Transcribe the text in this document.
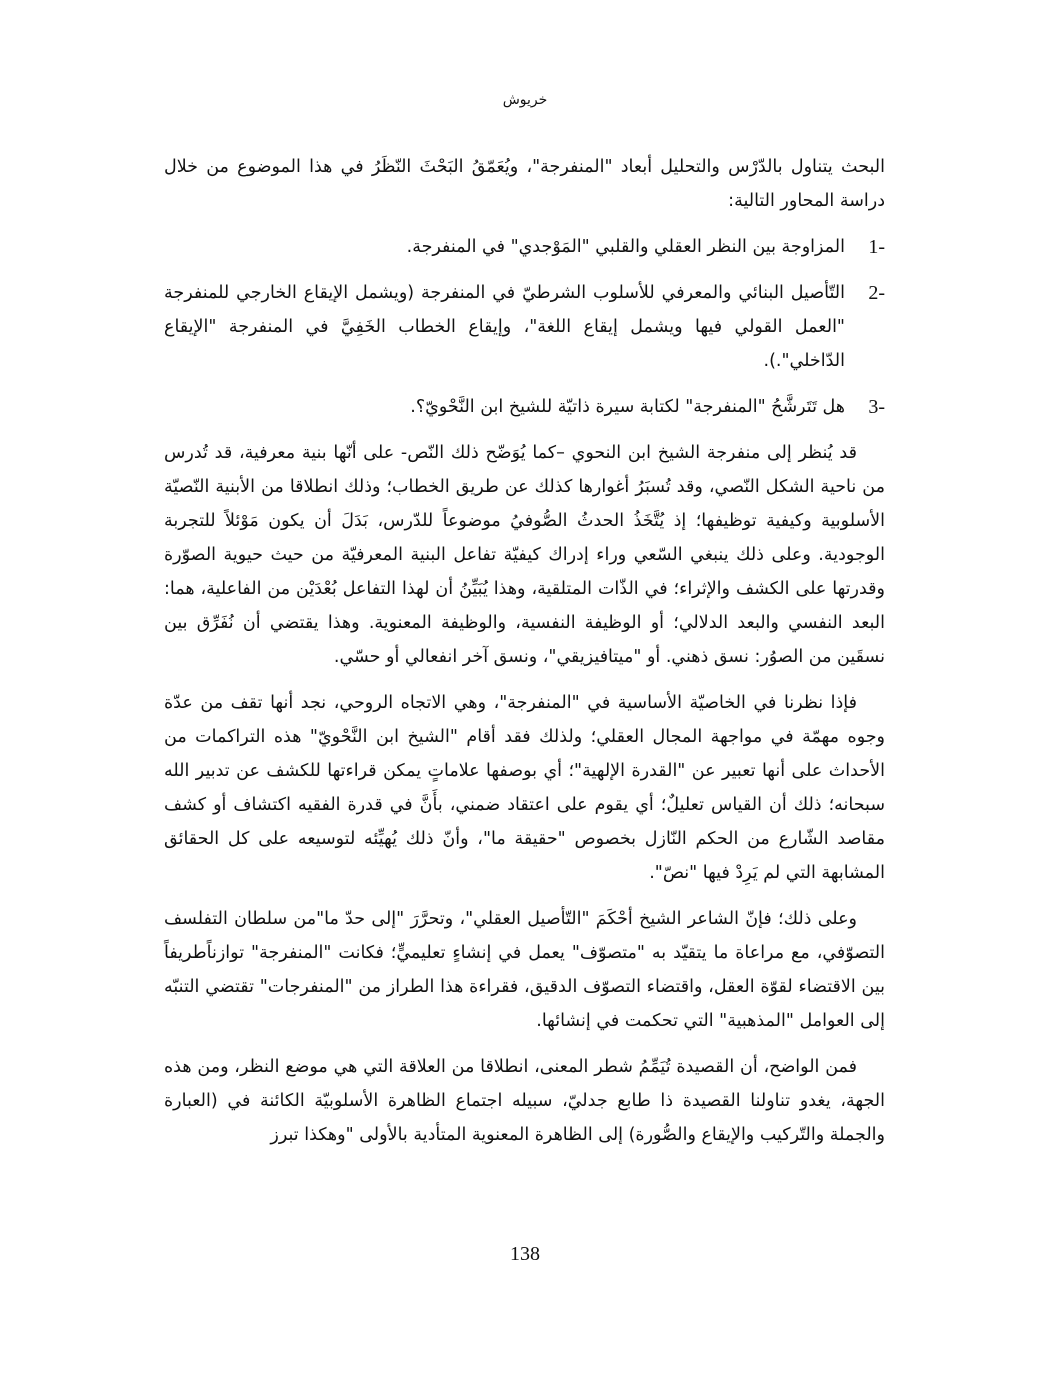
خريوش

البحث يتناول بالدّرْس والتحليل أبعاد "المنفرجة"، ويُعَمّقُ البَحْثَ النّظَرُ في هذا الموضوع من خلال دراسة المحاور التالية:

-1
المزاوجة بين النظر العقلي والقلبي "المَوْجدي" في المنفرجة.
-2
التّأصيل البنائي والمعرفي للأسلوب الشرطيّ في المنفرجة (ويشمل الإيقاع الخارجي للمنفرجة "العمل القولي فيها ويشمل إيقاع اللغة"، وإيقاع الخطاب الخَفِيَّ في المنفرجة "الإيقاع الدّاخلي".).
-3
هل تَتَرشَّحُ "المنفرجة" لكتابة سيرة ذاتيّة للشيخ ابن النَّحْويّ؟.

قد يُنظر إلى منفرجة الشيخ ابن النحوي –كما يُوَضّح ذلك النّص- على أنّها بنية معرفية، قد تُدرس من ناحية الشكل النّصي، وقد تُسبَرُ أغوارها كذلك عن طريق الخطاب؛ وذلك انطلاقا من الأبنية النّصيّة الأسلوبية وكيفية توظيفها؛ إذ يُتَّخَذُ الحدثُ الصُّوفيُ موضوعاً للدّرس، بَدَلَ أن يكون مَوْئلاً للتجربة الوجودية. وعلى ذلك ينبغي السّعي وراء إدراك كيفيّة تفاعل البنية المعرفيّة من حيث حيوية الصوّرة وقدرتها على الكشف والإثراء؛ في الذّات المتلقية، وهذا يُبَيِّنُ أن لهذا التفاعل بُعْدَيْن من الفاعلية، هما: البعد النفسي والبعد الدلالي؛ أو الوظيفة النفسية، والوظيفة المعنوية. وهذا يقتضي أن نُفَرِّق بين نسقَين من الصوُر: نسق ذهني. أو "ميتافيزيقي"، ونسق آخر انفعالي أو حسّي.

فإذا نظرنا في الخاصيّة الأساسية في "المنفرجة"، وهي الاتجاه الروحي، نجد أنها تقف من عدّة وجوه مهمّة في مواجهة المجال العقلي؛ ولذلك فقد أقام "الشيخ ابن النَّحْويّ" هذه التراكمات من الأحداث على أنها تعبير عن "القدرة الإلهية"؛ أي بوصفها علاماتٍ يمكن قراءتها للكشف عن تدبير الله سبحانه؛ ذلك أن القياس تعليلٌ؛ أي يقوم على اعتقاد ضمني، بأَنَّ في قدرة الفقيه اكتشاف أو كشف مقاصد الشّارع من الحكم النّازل بخصوص "حقيقة ما"، وأنّ ذلك يُهيِّئه لتوسيعه على كل الحقائق المشابهة التي لم يَرِدْ فيها "نصّ".

وعلى ذلك؛ فإنّ الشاعر الشيخ أحْكَمَ "التّأصيل العقلي"، وتحرَّرَ "إلى حدّ ما"من سلطان التفلسف التصوّفي، مع مراعاة ما يتقيّد به "متصوّف" يعمل في إنشاءٍ تعليميٍّ؛ فكانت "المنفرجة" توازناًطريفاً بين الاقتضاء لقوّة العقل، واقتضاء التصوّف الدقيق، فقراءة هذا الطراز من "المنفرجات" تقتضي التنبّه إلى العوامل "المذهبية" التي تحكمت في إنشائها.

فمن الواضح، أن القصيدة تُيَمِّمُ شطر المعنى، انطلاقا من العلاقة التي هي موضع النظر، ومن هذه الجهة، يغدو تناولنا القصيدة ذا طابع جدليّ، سبيله اجتماع الظاهرة الأسلوبيّة الكائنة في (العبارة والجملة والتّركيب والإيقاع والصُّورة) إلى الظاهرة المعنوية المتأدية بالأولى "وهكذا تبرز

138
